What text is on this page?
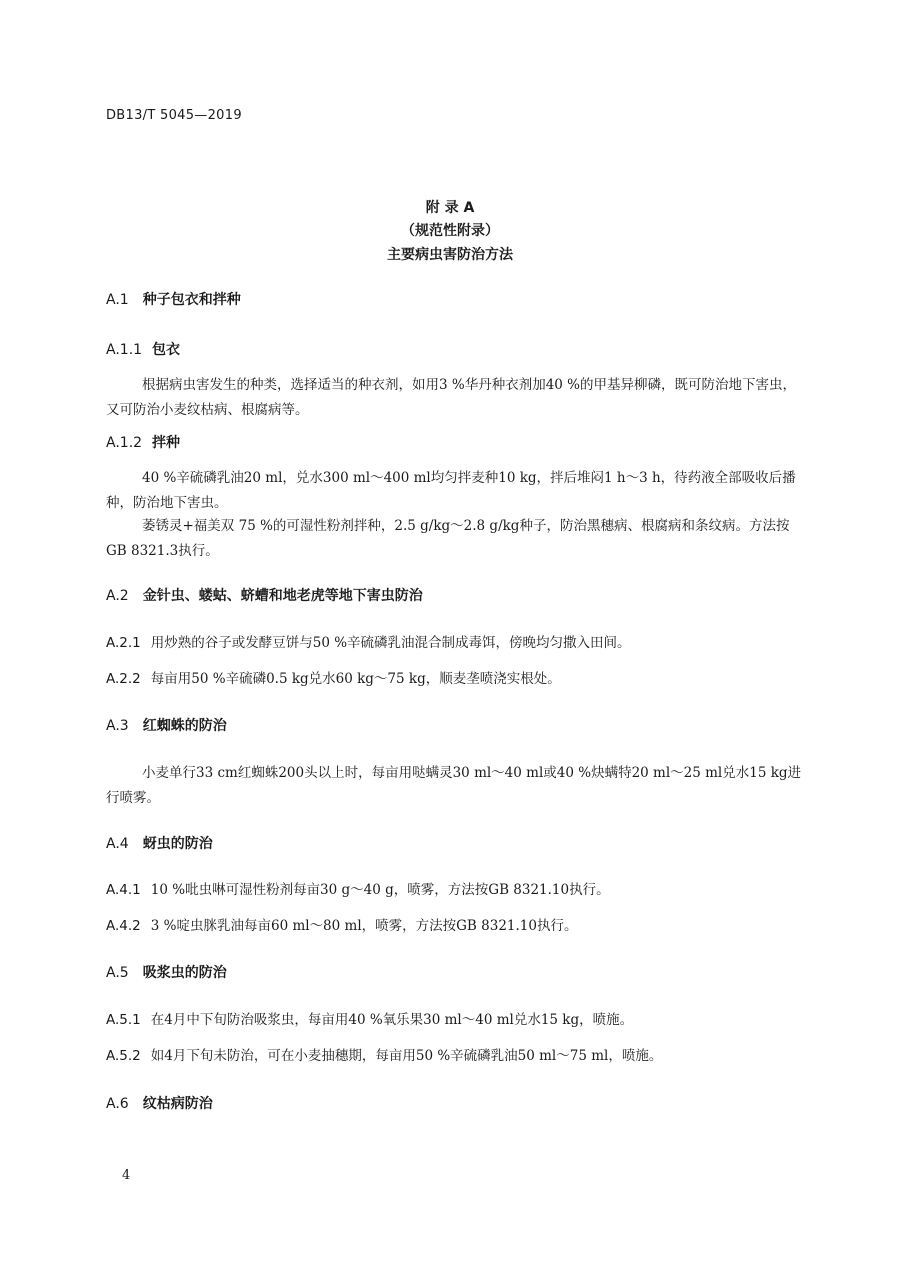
DB13/T 5045—2019
附 录 A
（规范性附录）
主要病虫害防治方法
A.1 种子包衣和拌种
A.1.1 包衣
根据病虫害发生的种类，选择适当的种衣剂，如用3 %华丹种衣剂加40 %的甲基异柳磷，既可防治地下害虫，又可防治小麦纹枯病、根腐病等。
A.1.2 拌种
40 %辛硫磷乳油20 ml，兑水300 ml～400 ml均匀拌麦种10 kg，拌后堆闷1 h～3 h，待药液全部吸收后播种，防治地下害虫。
萎锈灵+福美双 75 %的可湿性粉剂拌种，2.5 g/kg～2.8 g/kg种子，防治黑穗病、根腐病和条纹病。方法按GB 8321.3执行。
A.2 金针虫、蝼蛄、蛴螬和地老虎等地下害虫防治
A.2.1 用炒熟的谷子或发酵豆饼与50 %辛硫磷乳油混合制成毒饵，傍晚均匀撒入田间。
A.2.2 每亩用50 %辛硫磷0.5 kg兑水60 kg～75 kg，顺麦垄喷浇实根处。
A.3 红蜘蛛的防治
小麦单行33 cm红蜘蛛200头以上时，每亩用哒螨灵30 ml～40 ml或40 %炔螨特20 ml～25 ml兑水15 kg进行喷雾。
A.4 蚜虫的防治
A.4.1 10 %吡虫啉可湿性粉剂每亩30 g～40 g，喷雾，方法按GB 8321.10执行。
A.4.2 3 %啶虫脒乳油每亩60 ml～80 ml，喷雾，方法按GB 8321.10执行。
A.5 吸浆虫的防治
A.5.1 在4月中下旬防治吸浆虫，每亩用40 %氧乐果30 ml～40 ml兑水15 kg，喷施。
A.5.2 如4月下旬未防治，可在小麦抽穗期，每亩用50 %辛硫磷乳油50 ml～75 ml，喷施。
A.6 纹枯病防治
4
